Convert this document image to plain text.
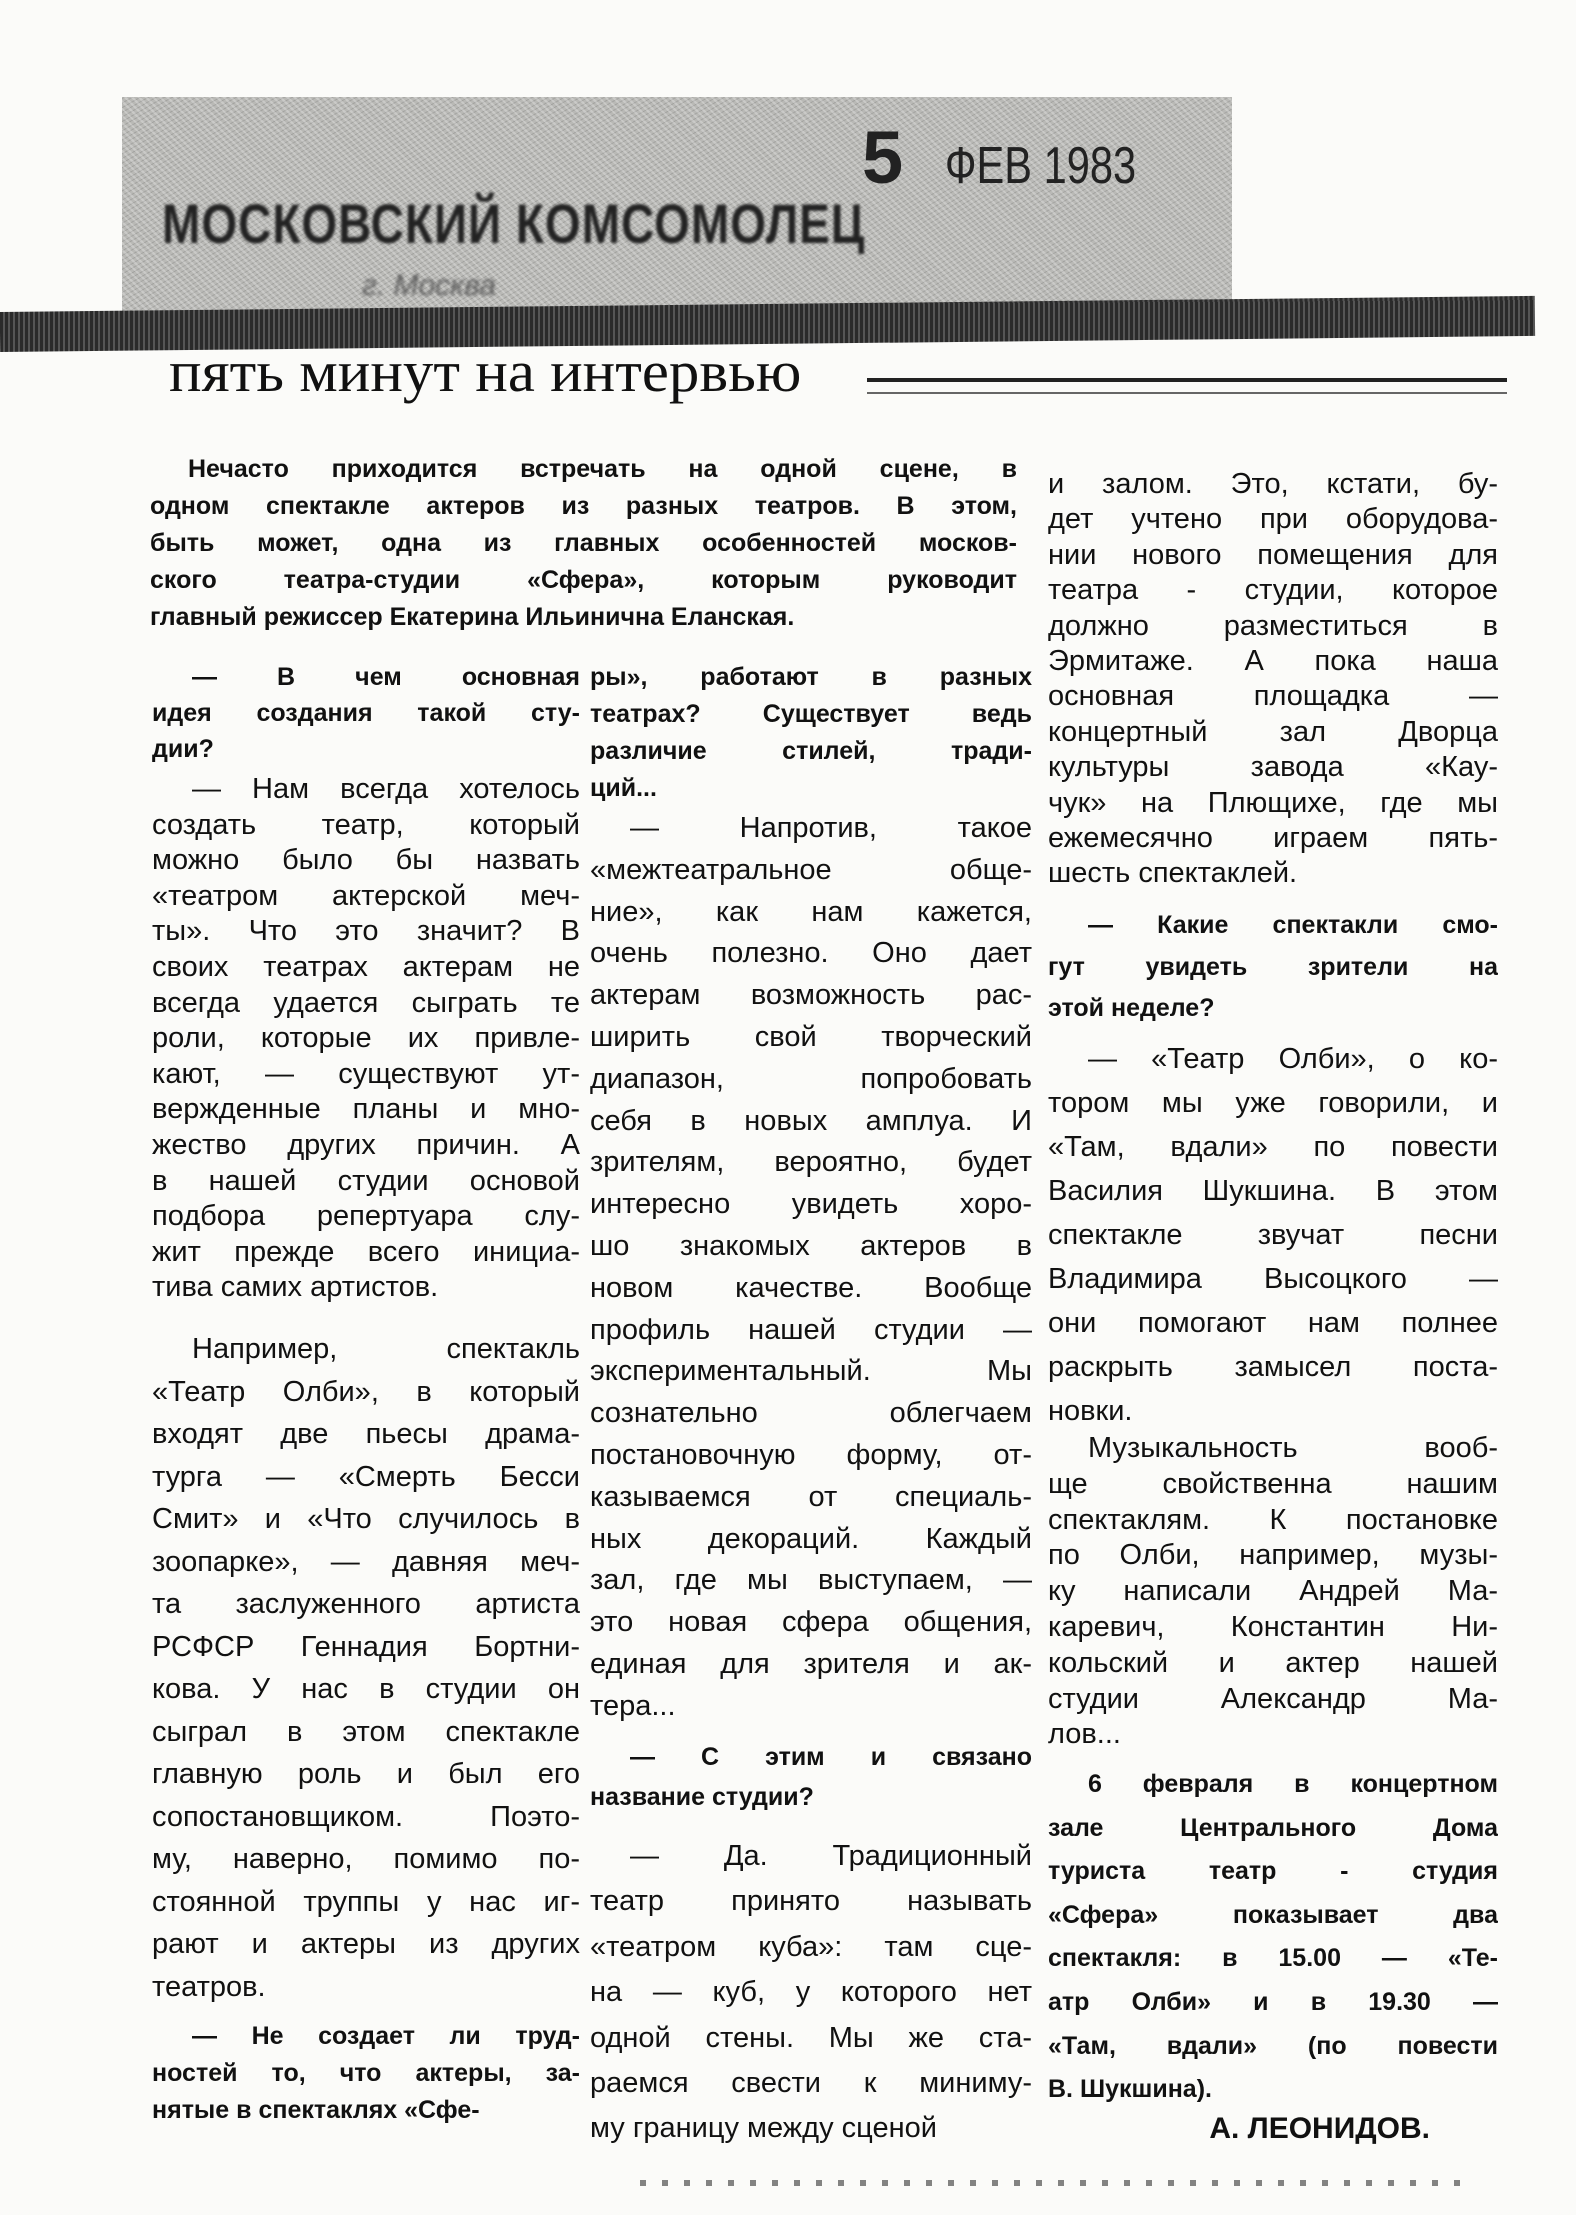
МОСКОВСКИЙ КОМСОМОЛЕЦ
г. Москва
5 ФЕВ 1983
пять минут на интервью
Нечасто приходится встречать на одной сцене, в
одном спектакле актеров из разных театров. В этом,
быть может, одна из главных особенностей москов-
ского театра-студии «Сфера», которым руководит
главный режиссер Екатерина Ильинична Еланская.
— В чем основная
идея создания такой сту-
дии?
— Нам всегда хотелось
создать театр, который
можно было бы назвать
«театром актерской меч-
ты». Что это значит? В
своих театрах актерам не
всегда удается сыграть те
роли, которые их привле-
кают, — существуют ут-
вержденные планы и мно-
жество других причин. А
в нашей студии основой
подбора репертуара слу-
жит прежде всего инициа-
тива самих артистов.
Например, спектакль
«Театр Олби», в который
входят две пьесы драма-
турга — «Смерть Бесси
Смит» и «Что случилось в
зоопарке», — давняя меч-
та заслуженного артиста
РСФСР Геннадия Бортни-
кова. У нас в студии он
сыграл в этом спектакле
главную роль и был его
сопостановщиком. Поэто-
му, наверно, помимо по-
стоянной труппы у нас иг-
рают и актеры из других
театров.
— Не создает ли труд-
ностей то, что актеры, за-
нятые в спектаклях «Сфе-
ры», работают в разных
театрах? Существует ведь
различие стилей, тради-
ций...
— Напротив, такое
«межтеатральное обще-
ние», как нам кажется,
очень полезно. Оно дает
актерам возможность рас-
ширить свой творческий
диапазон, попробовать
себя в новых амплуа. И
зрителям, вероятно, будет
интересно увидеть хоро-
шо знакомых актеров в
новом качестве. Вообще
профиль нашей студии —
экспериментальный. Мы
сознательно облегчаем
постановочную форму, от-
казываемся от специаль-
ных декораций. Каждый
зал, где мы выступаем, —
это новая сфера общения,
единая для зрителя и ак-
тера...
— С этим и связано
название студии?
— Да. Традиционный
театр принято называть
«театром куба»: там сце-
на — куб, у которого нет
одной стены. Мы же ста-
раемся свести к миниму-
му границу между сценой
и залом. Это, кстати, бу-
дет учтено при оборудова-
нии нового помещения для
театра - студии, которое
должно разместиться в
Эрмитаже. А пока наша
основная площадка —
концертный зал Дворца
культуры завода «Кау-
чук» на Плющихе, где мы
ежемесячно играем пять-
шесть спектаклей.
— Какие спектакли смо-
гут увидеть зрители на
этой неделе?
— «Театр Олби», о ко-
тором мы уже говорили, и
«Там, вдали» по повести
Василия Шукшина. В этом
спектакле звучат песни
Владимира Высоцкого —
они помогают нам полнее
раскрыть замысел поста-
новки.
Музыкальность вооб-
ще свойственна нашим
спектаклям. К постановке
по Олби, например, музы-
ку написали Андрей Ма-
каревич, Константин Ни-
кольский и актер нашей
студии Александр Ма-
лов...
6 февраля в концертном
зале Центрального Дома
туриста театр - студия
«Сфера» показывает два
спектакля: в 15.00 — «Те-
атр Олби» и в 19.30 —
«Там, вдали» (по повести
В. Шукшина).
А. ЛЕОНИДОВ.
